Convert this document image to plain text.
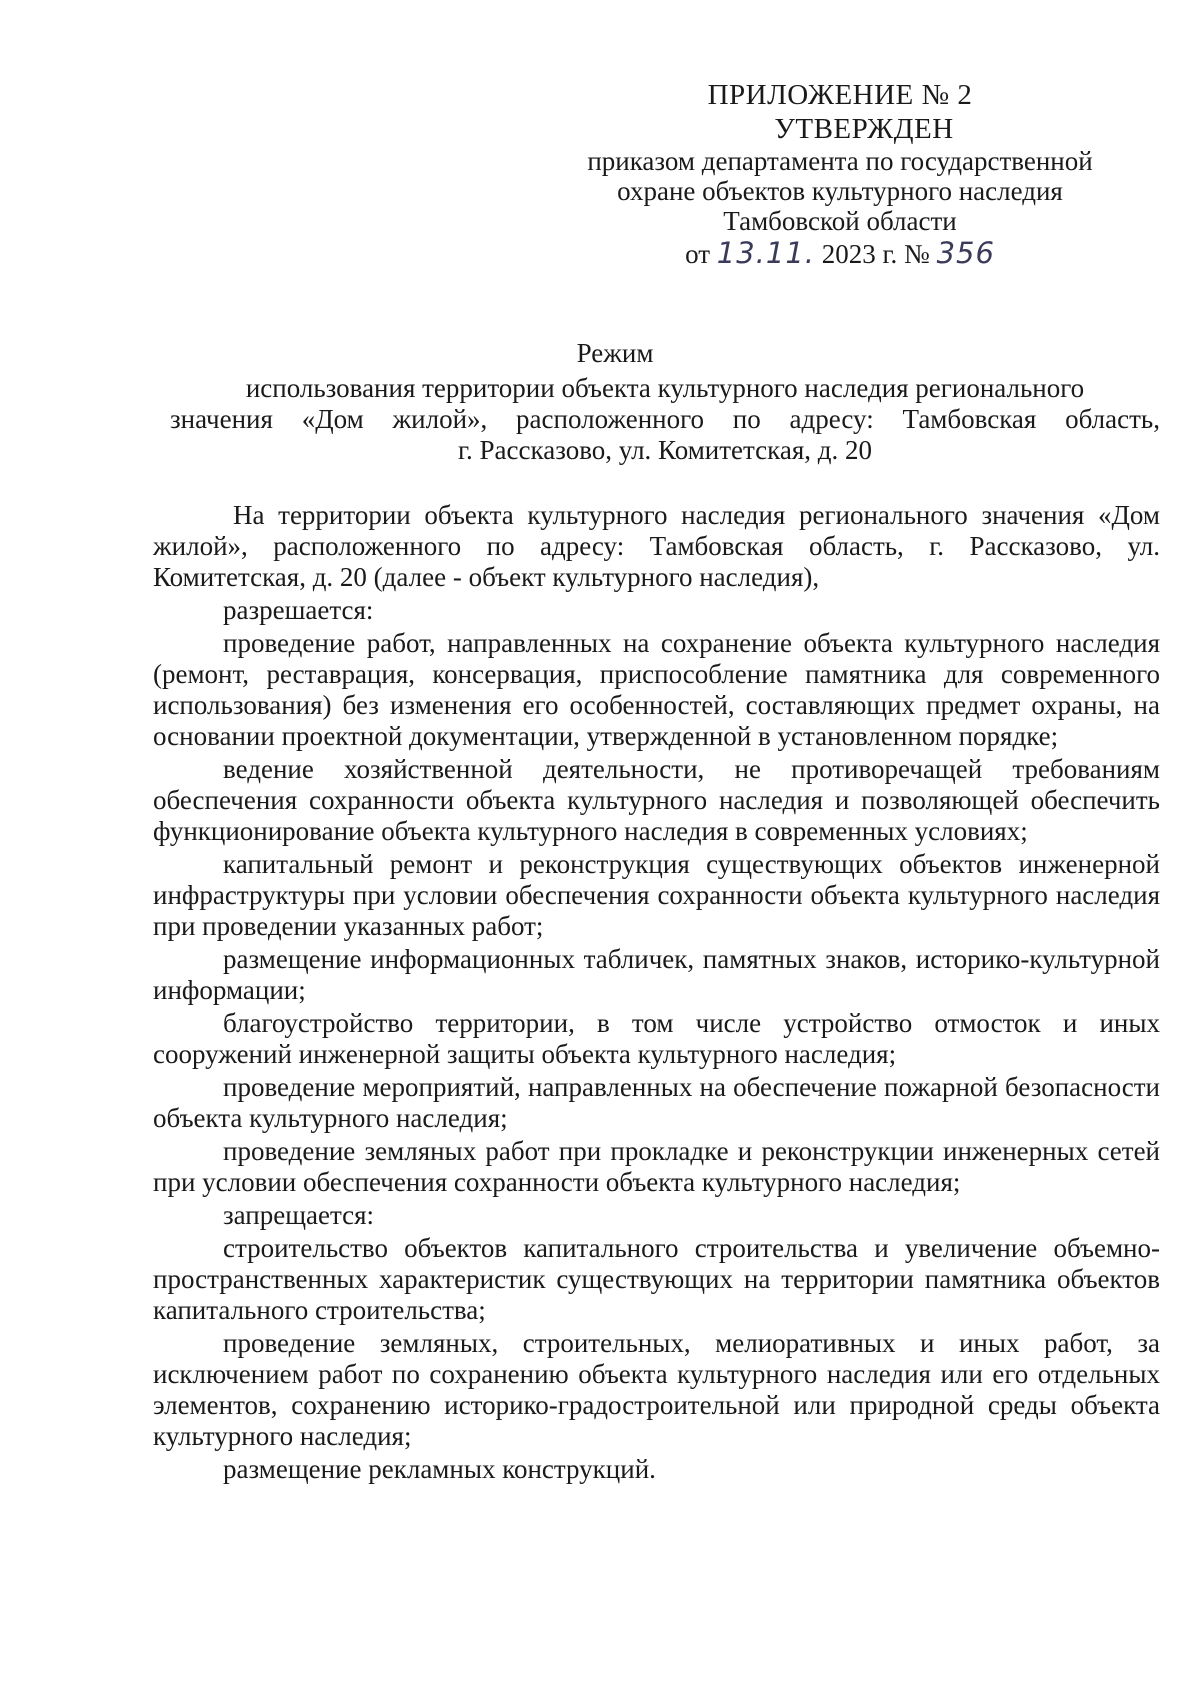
ПРИЛОЖЕНИЕ № 2
УТВЕРЖДЕН
приказом департамента по государственной
охране объектов культурного наследия
Тамбовской области
от 13.11. 2023 г. № 356
Режим
использования территории объекта культурного наследия регионального
значения «Дом жилой», расположенного по адресу: Тамбовская область,
г. Рассказово, ул. Комитетская, д. 20

На территории объекта культурного наследия регионального значения «Дом жилой», расположенного по адресу: Тамбовская область, г. Рассказово, ул. Комитетская, д. 20 (далее - объект культурного наследия),

разрешается:

проведение работ, направленных на сохранение объекта культурного наследия (ремонт, реставрация, консервация, приспособление памятника для современного использования) без изменения его особенностей, составляющих предмет охраны, на основании проектной документации, утвержденной в установленном порядке;

ведение хозяйственной деятельности, не противоречащей требованиям обеспечения сохранности объекта культурного наследия и позволяющей обеспечить функционирование объекта культурного наследия в современных условиях;

капитальный ремонт и реконструкция существующих объектов инженерной инфраструктуры при условии обеспечения сохранности объекта культурного наследия при проведении указанных работ;

размещение информационных табличек, памятных знаков, историко-культурной информации;

благоустройство территории, в том числе устройство отмосток и иных сооружений инженерной защиты объекта культурного наследия;

проведение мероприятий, направленных на обеспечение пожарной безопасности объекта культурного наследия;

проведение земляных работ при прокладке и реконструкции инженерных сетей при условии обеспечения сохранности объекта культурного наследия;

запрещается:

строительство объектов капитального строительства и увеличение объемно-пространственных характеристик существующих на территории памятника объектов капитального строительства;

проведение земляных, строительных, мелиоративных и иных работ, за исключением работ по сохранению объекта культурного наследия или его отдельных элементов, сохранению историко-градостроительной или природной среды объекта культурного наследия;

размещение рекламных конструкций.
